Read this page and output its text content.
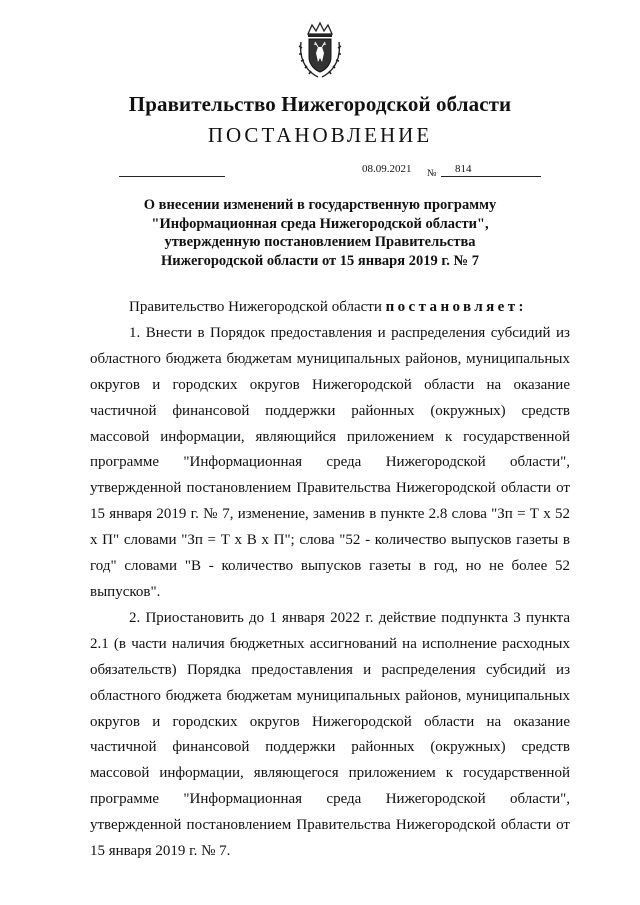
Правительство Нижегородской области
ПОСТАНОВЛЕНИЕ
08.09.2021 № 814
О внесении изменений в государственную программу
"Информационная среда Нижегородской области",
утвержденную постановлением Правительства
Нижегородской области от 15 января 2019 г. № 7

Правительство Нижегородской области постановляет:

1. Внести в Порядок предоставления и распределения субсидий из областного бюджета бюджетам муниципальных районов, муниципальных округов и городских округов Нижегородской области на оказание частичной финансовой поддержки районных (окружных) средств массовой информации, являющийся приложением к государственной программе "Информационная среда Нижегородской области", утвержденной постановлением Правительства Нижегородской области от 15 января 2019 г. № 7, изменение, заменив в пункте 2.8 слова "Зп = Т х 52 х П" словами "Зп = Т х В х П"; слова "52 - количество выпусков газеты в год" словами "В - количество выпусков газеты в год, но не более 52 выпусков".

2. Приостановить до 1 января 2022 г. действие подпункта 3 пункта 2.1 (в части наличия бюджетных ассигнований на исполнение расходных обязательств) Порядка предоставления и распределения субсидий из областного бюджета бюджетам муниципальных районов, муниципальных округов и городских округов Нижегородской области на оказание частичной финансовой поддержки районных (окружных) средств массовой информации, являющегося приложением к государственной программе "Информационная среда Нижегородской области", утвержденной постановлением Правительства Нижегородской области от 15 января 2019 г. № 7.
